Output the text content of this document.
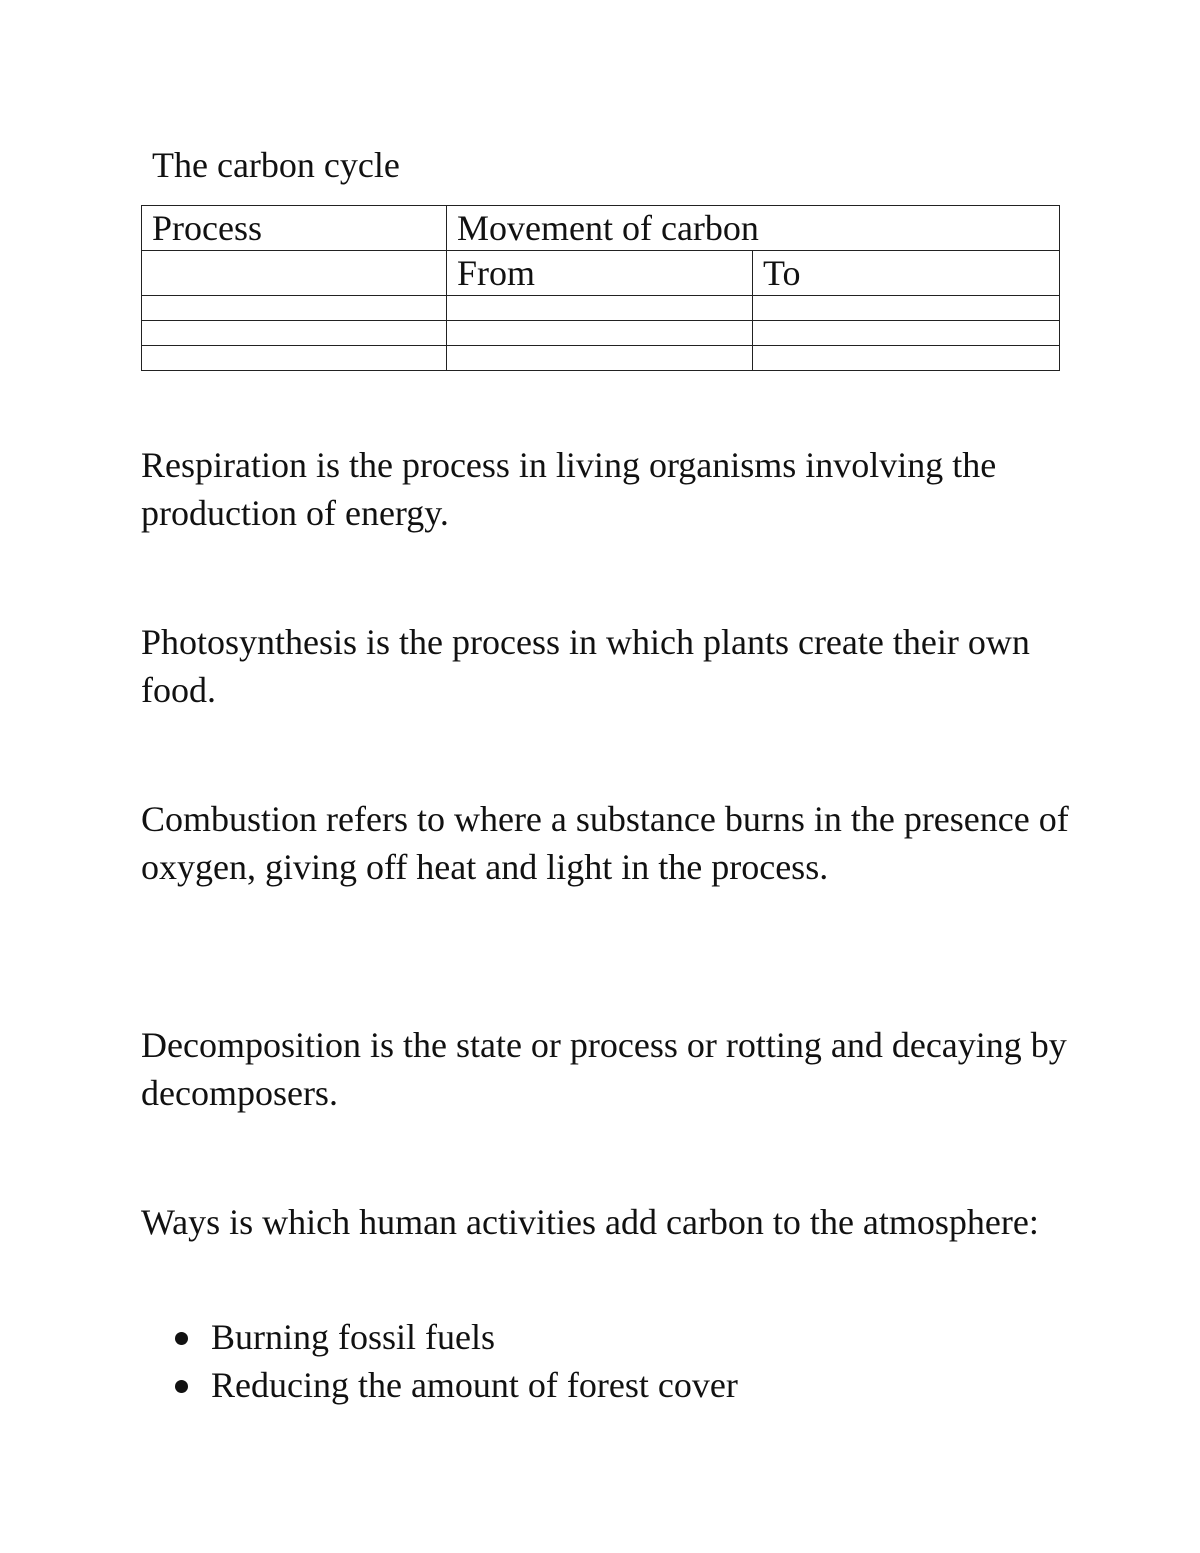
The carbon cycle
Process	Movement of carbon	
	From	To

Respiration is the process in living organisms involving the production of energy.

Photosynthesis is the process in which plants create their own food.

Combustion refers to where a substance burns in the presence of oxygen, giving off heat and light in the process.

Decomposition is the state or process or rotting and decaying by decomposers.

Ways is which human activities add carbon to the atmosphere:

Burning fossil fuels
Reducing the amount of forest cover
